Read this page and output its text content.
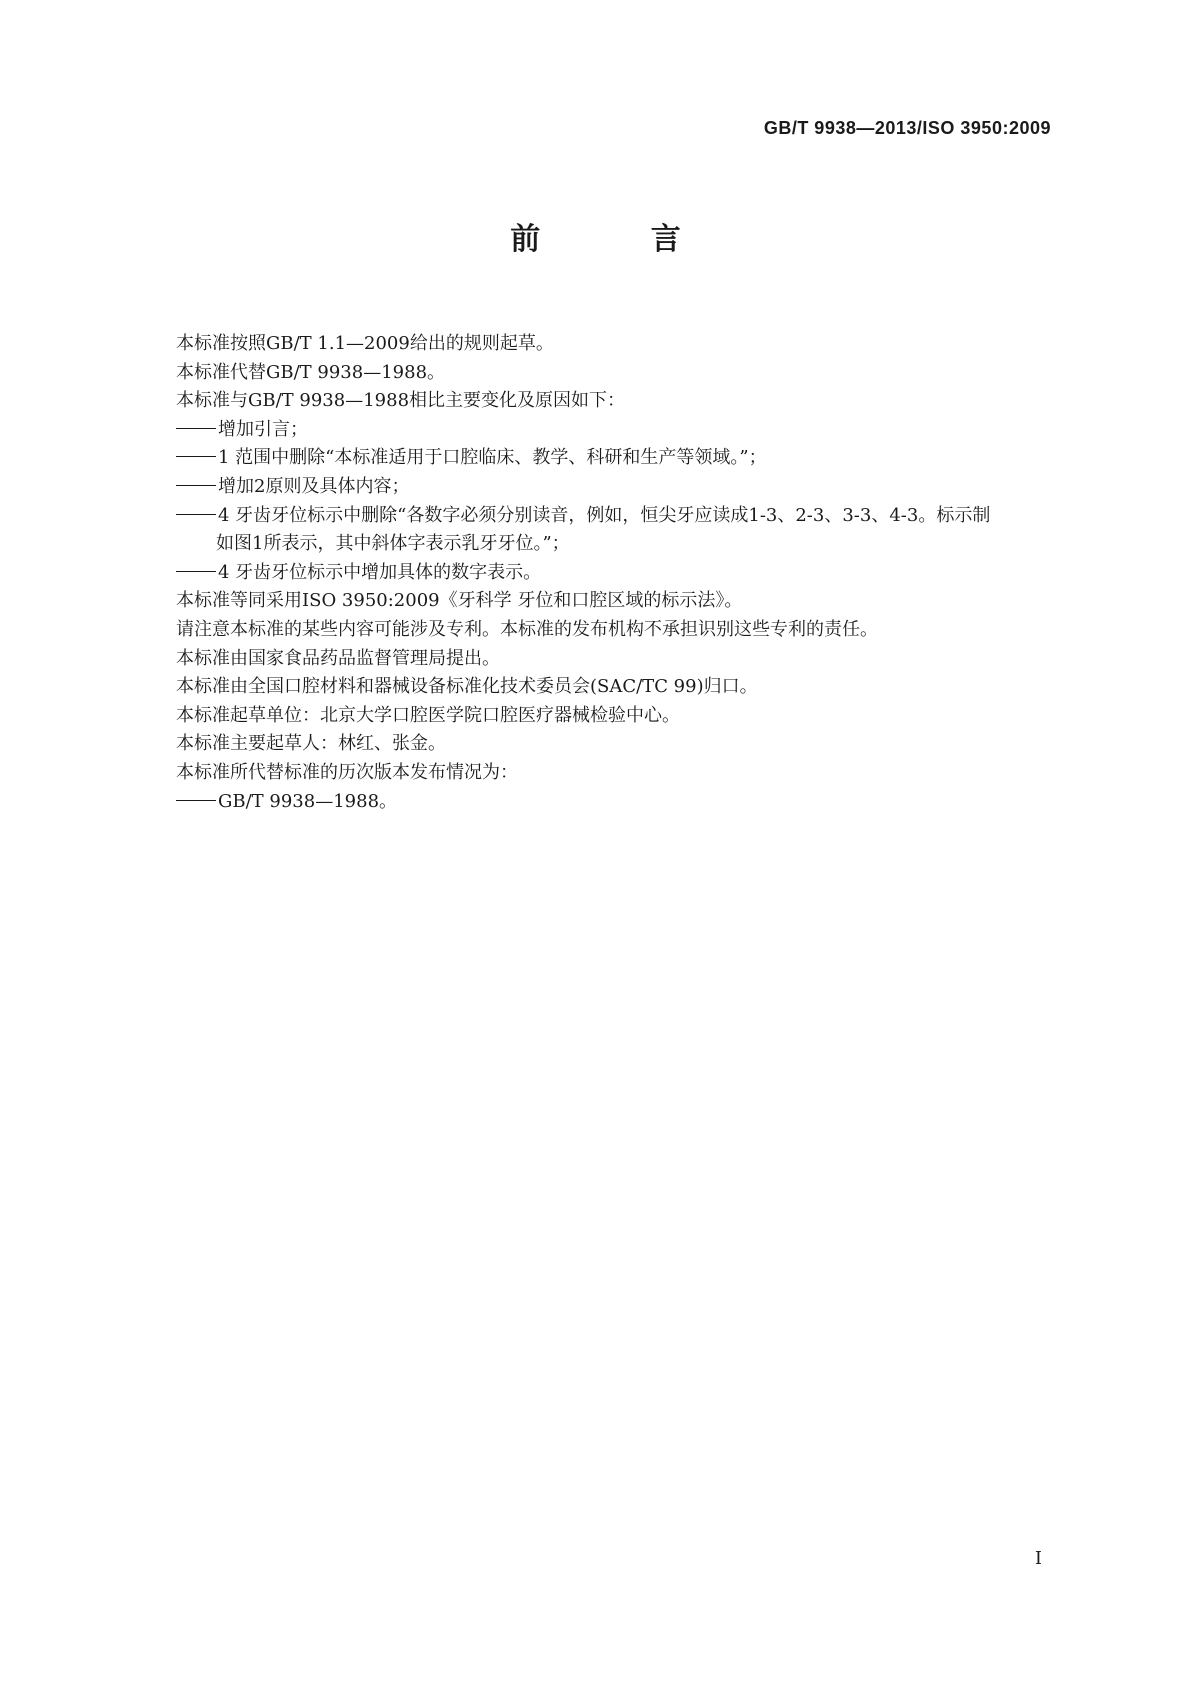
GB/T 9938—2013/ISO 3950:2009
前 言

本标准按照GB/T 1.1—2009给出的规则起草。

本标准代替GB/T 9938—1988。

本标准与GB/T 9938—1988相比主要变化及原因如下：

增加引言；

1 范围中删除“本标准适用于口腔临床、教学、科研和生产等领域。”；

增加2原则及具体内容；

4 牙齿牙位标示中删除“各数字必须分别读音，例如，恒尖牙应读成1-3、2-3、3-3、4-3。标示制

如图1所表示，其中斜体字表示乳牙牙位。”；

4 牙齿牙位标示中增加具体的数字表示。

本标准等同采用ISO 3950:2009《牙科学 牙位和口腔区域的标示法》。

请注意本标准的某些内容可能涉及专利。本标准的发布机构不承担识别这些专利的责任。

本标准由国家食品药品监督管理局提出。

本标准由全国口腔材料和器械设备标准化技术委员会(SAC/TC 99)归口。

本标准起草单位：北京大学口腔医学院口腔医疗器械检验中心。

本标准主要起草人：林红、张金。

本标准所代替标准的历次版本发布情况为：

GB/T 9938—1988。

I
